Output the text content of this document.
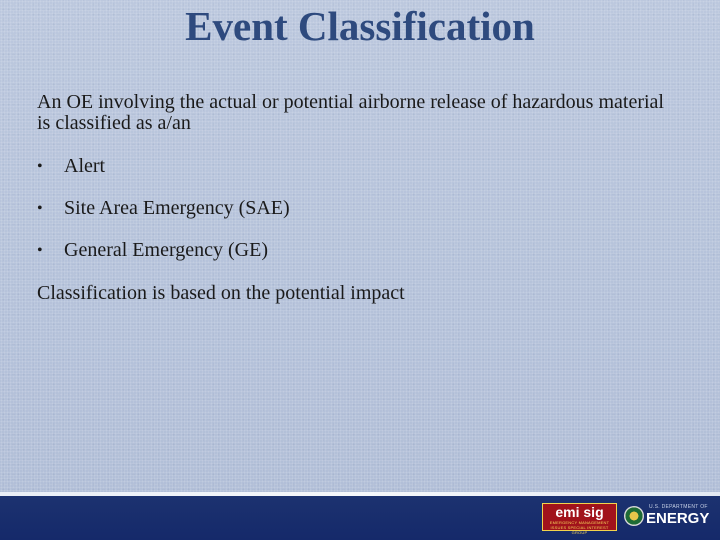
Event Classification

An OE involving the actual or potential airborne release of hazardous material is classified as a/an

• Alert
• Site Area Emergency (SAE)
• General Emergency (GE)

Classification is based on the potential impact

emi sig
EMERGENCY MANAGEMENT ISSUES SPECIAL INTEREST GROUP
U.S. DEPARTMENT OF
ENERGY
